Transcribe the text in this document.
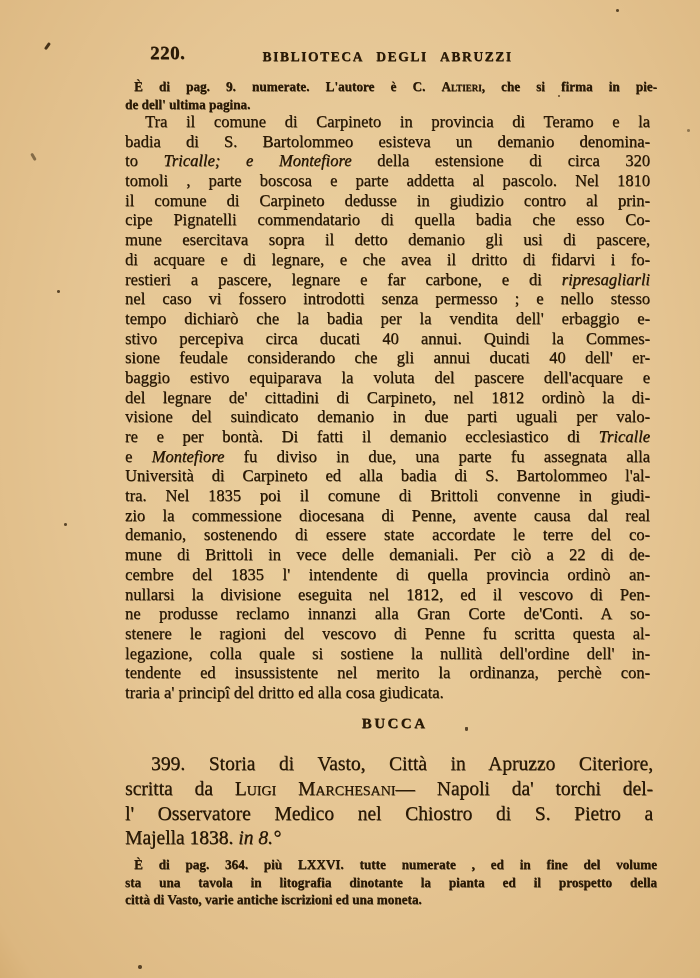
220.	BIBLIOTECA DEGLI ABRUZZI
È di pag. 9. numerate. L'autore è C. Altieri, che si firma in pie-
de dell' ultima pagina.
Tra il comune di Carpineto in provincia di Teramo e la
badia di S. Bartolommeo esisteva un demanio denomina-
to Tricalle; e Montefiore della estensione di circa 320
tomoli , parte boscosa e parte addetta al pascolo. Nel 1810
il comune di Carpineto dedusse in giudizio contro al prin-
cipe Pignatelli commendatario di quella badia che esso Co-
mune esercitava sopra il detto demanio gli usi di pascere,
di acquare e di legnare, e che avea il dritto di fidarvi i fo-
restieri a pascere, legnare e far carbone, e di ripresagliarli
nel caso vi fossero introdotti senza permesso ; e nello stesso
tempo dichiarò che la badia per la vendita dell' erbaggio e-
stivo percepiva circa ducati 40 annui. Quindi la Commes-
sione feudale considerando che gli annui ducati 40 dell' er-
baggio estivo equiparava la voluta del pascere dell'acquare e
del legnare de' cittadini di Carpineto, nel 1812 ordinò la di-
visione del suindicato demanio in due parti uguali per valo-
re e per bontà. Di fatti il demanio ecclesiastico di Tricalle
e Montefiore fu diviso in due, una parte fu assegnata alla
Università di Carpineto ed alla badia di S. Bartolommeo l'al-
tra. Nel 1835 poi il comune di Brittoli convenne in giudi-
zio la commessione diocesana di Penne, avente causa dal real
demanio, sostenendo di essere state accordate le terre del co-
mune di Brittoli in vece delle demaniali. Per ciò a 22 di de-
cembre del 1835 l' intendente di quella provincia ordinò an-
nullarsi la divisione eseguita nel 1812, ed il vescovo di Pen-
ne produsse reclamo innanzi alla Gran Corte de'Conti. A so-
stenere le ragioni del vescovo di Penne fu scritta questa al-
legazione, colla quale si sostiene la nullità dell'ordine dell' in-
tendente ed insussistente nel merito la ordinanza, perchè con-
traria a' principî del dritto ed alla cosa giudicata.
BUCCA
399. Storia di Vasto, Città in Apruzzo Citeriore,
scritta da Luigi Marchesani— Napoli da' torchi del-
l' Osservatore Medico nel Chiostro di S. Pietro a
Majella 1838. in 8.°
È di pag. 364. più LXXVI. tutte numerate , ed in fine del volume
sta una tavola in litografia dinotante la pianta ed il prospetto della
città di Vasto, varie antiche iscrizioni ed una moneta.
